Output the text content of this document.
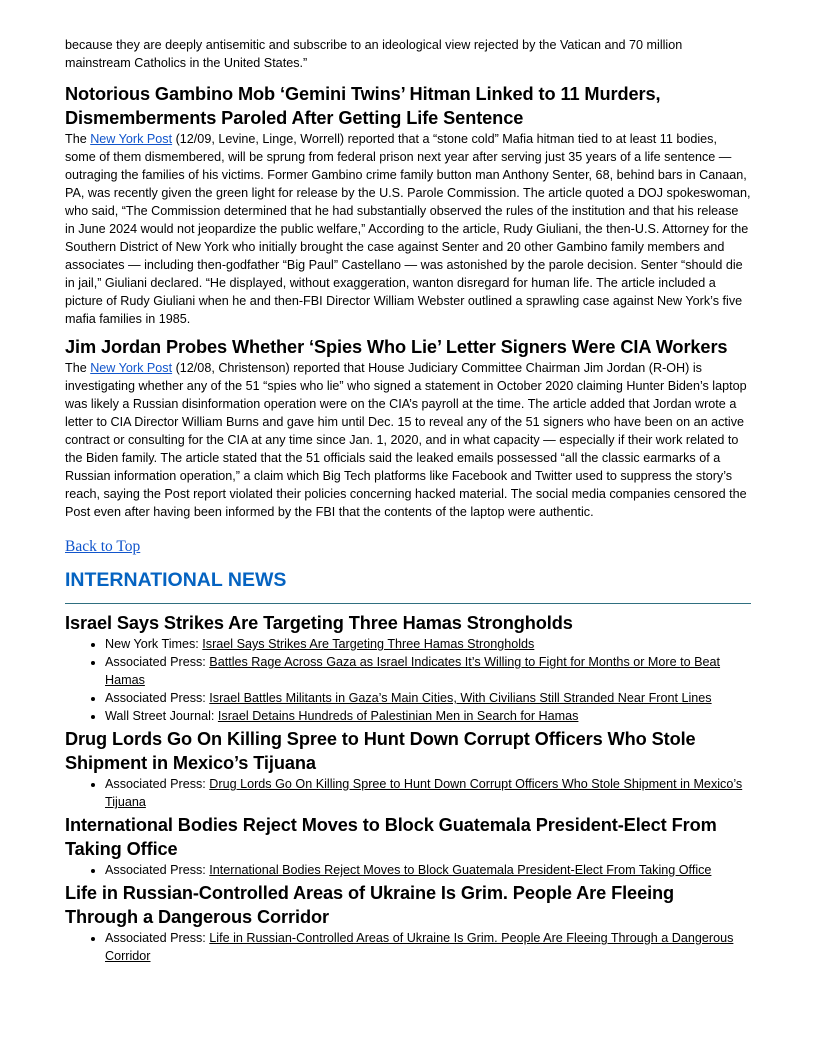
because they are deeply antisemitic and subscribe to an ideological view rejected by the Vatican and 70 million mainstream Catholics in the United States.”

Notorious Gambino Mob ‘Gemini Twins’ Hitman Linked to 11 Murders, Dismemberments Paroled After Getting Life Sentence

The New York Post (12/09, Levine, Linge, Worrell) reported that a “stone cold” Mafia hitman tied to at least 11 bodies, some of them dismembered, will be sprung from federal prison next year after serving just 35 years of a life sentence — outraging the families of his victims. Former Gambino crime family button man Anthony Senter, 68, behind bars in Canaan, PA, was recently given the green light for release by the U.S. Parole Commission. The article quoted a DOJ spokeswoman, who said, “The Commission determined that he had substantially observed the rules of the institution and that his release in June 2024 would not jeopardize the public welfare,” According to the article, Rudy Giuliani, the then-U.S. Attorney for the Southern District of New York who initially brought the case against Senter and 20 other Gambino family members and associates — including then-godfather “Big Paul” Castellano — was astonished by the parole decision. Senter “should die in jail,” Giuliani declared. “He displayed, without exaggeration, wanton disregard for human life. The article included a picture of Rudy Giuliani when he and then-FBI Director William Webster outlined a sprawling case against New York’s five mafia families in 1985.

Jim Jordan Probes Whether ‘Spies Who Lie’ Letter Signers Were CIA Workers

The New York Post (12/08, Christenson) reported that House Judiciary Committee Chairman Jim Jordan (R-OH) is investigating whether any of the 51 “spies who lie” who signed a statement in October 2020 claiming Hunter Biden’s laptop was likely a Russian disinformation operation were on the CIA’s payroll at the time. The article added that Jordan wrote a letter to CIA Director William Burns and gave him until Dec. 15 to reveal any of the 51 signers who have been on an active contract or consulting for the CIA at any time since Jan. 1, 2020, and in what capacity — especially if their work related to the Biden family. The article stated that the 51 officials said the leaked emails possessed “all the classic earmarks of a Russian information operation,” a claim which Big Tech platforms like Facebook and Twitter used to suppress the story’s reach, saying the Post report violated their policies concerning hacked material. The social media companies censored the Post even after having been informed by the FBI that the contents of the laptop were authentic.

Back to Top
INTERNATIONAL NEWS
Israel Says Strikes Are Targeting Three Hamas Strongholds
• New York Times: Israel Says Strikes Are Targeting Three Hamas Strongholds
• Associated Press: Battles Rage Across Gaza as Israel Indicates It’s Willing to Fight for Months or More to Beat Hamas
• Associated Press: Israel Battles Militants in Gaza’s Main Cities, With Civilians Still Stranded Near Front Lines
• Wall Street Journal: Israel Detains Hundreds of Palestinian Men in Search for Hamas
Drug Lords Go On Killing Spree to Hunt Down Corrupt Officers Who Stole Shipment in Mexico’s Tijuana
• Associated Press: Drug Lords Go On Killing Spree to Hunt Down Corrupt Officers Who Stole Shipment in Mexico’s Tijuana
International Bodies Reject Moves to Block Guatemala President-Elect From Taking Office
• Associated Press: International Bodies Reject Moves to Block Guatemala President-Elect From Taking Office
Life in Russian-Controlled Areas of Ukraine Is Grim. People Are Fleeing Through a Dangerous Corridor
• Associated Press: Life in Russian-Controlled Areas of Ukraine Is Grim. People Are Fleeing Through a Dangerous Corridor
